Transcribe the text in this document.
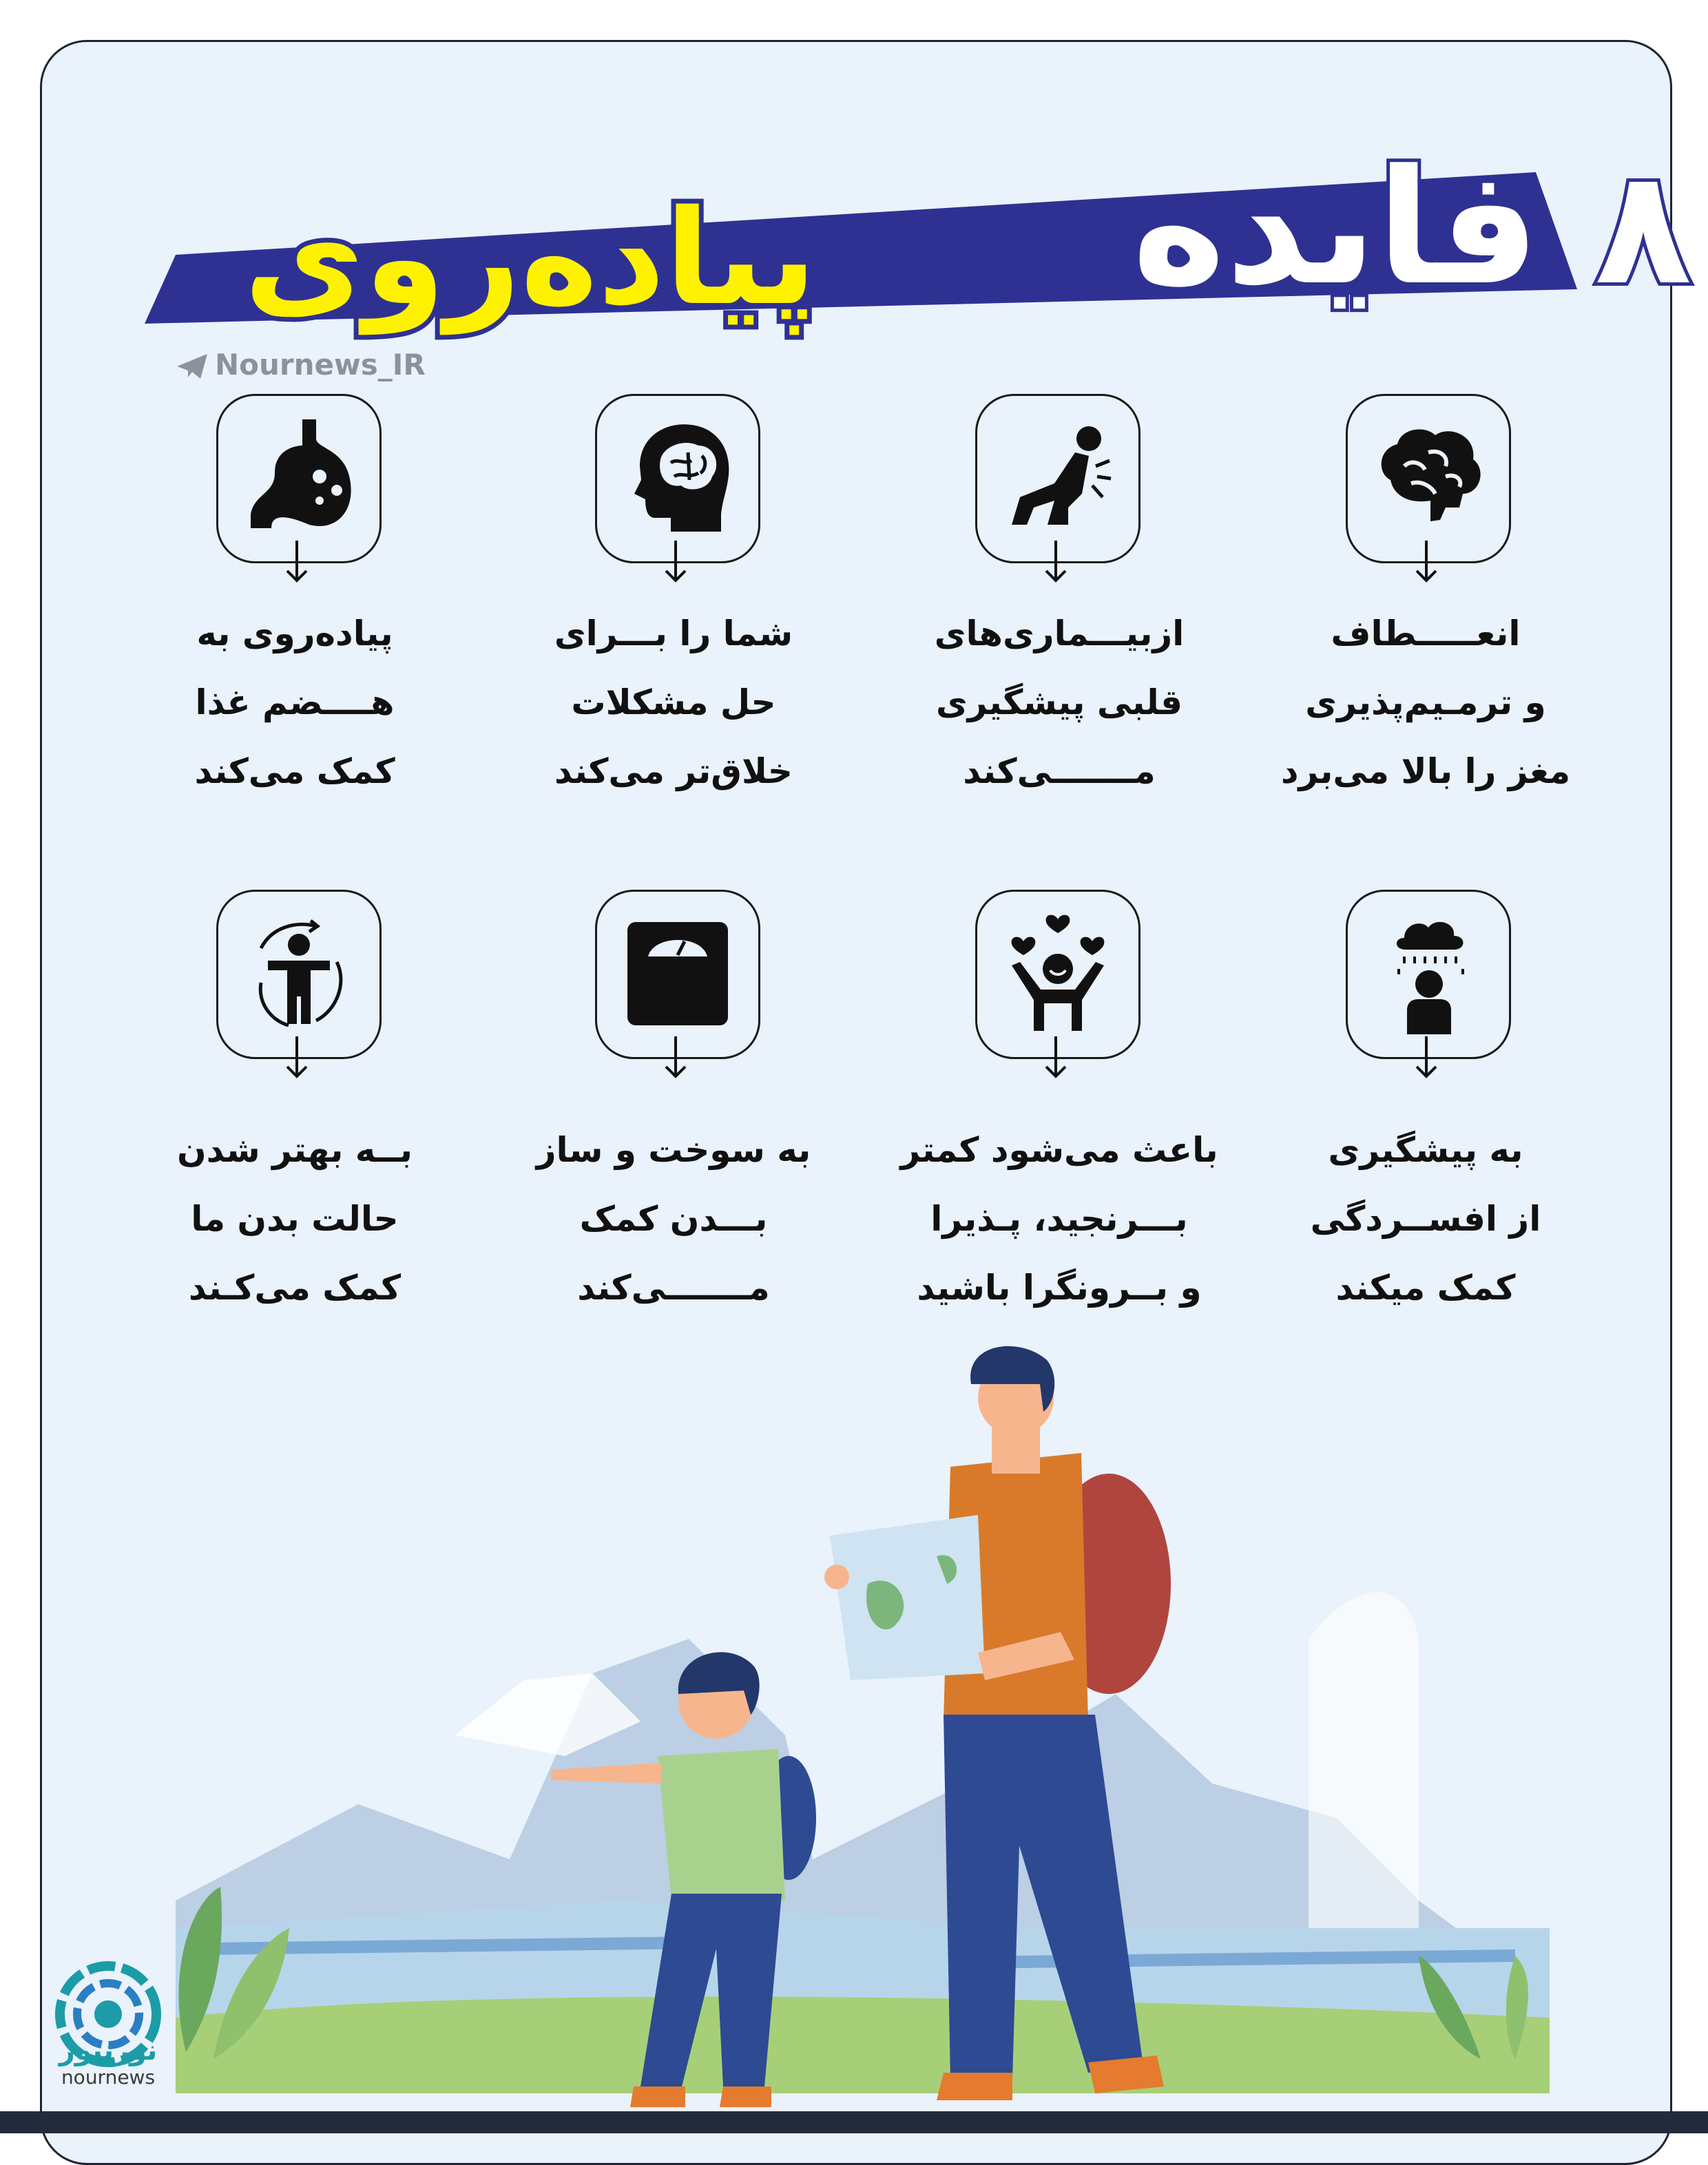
۸ فایده
پیاده‌روی
Nournews_IR
انعـــــطاف
و ترمـیم‌پذیری
مغز را بالا می‌برد
ازبیـــماری‌های
قلبی پیشگیری
مـــــــی‌کند
شما را بـــرای
حل مشکلات
خلاق‌تر می‌کند
پیاده‌روی به
هــــضم غذا
کمک می‌کند
به پیشگیری
از افســردگی
کمک میکند
باعث می‌شود کمتر
بـــرنجید، پـذیرا
و بــرونگرا باشید
به سوخت و ساز
بـــدن کمک
مـــــــی‌کند
بــه بهتر شدن
حالت بدن ما
کمک می‌کـند
نورنیوز
nournews
